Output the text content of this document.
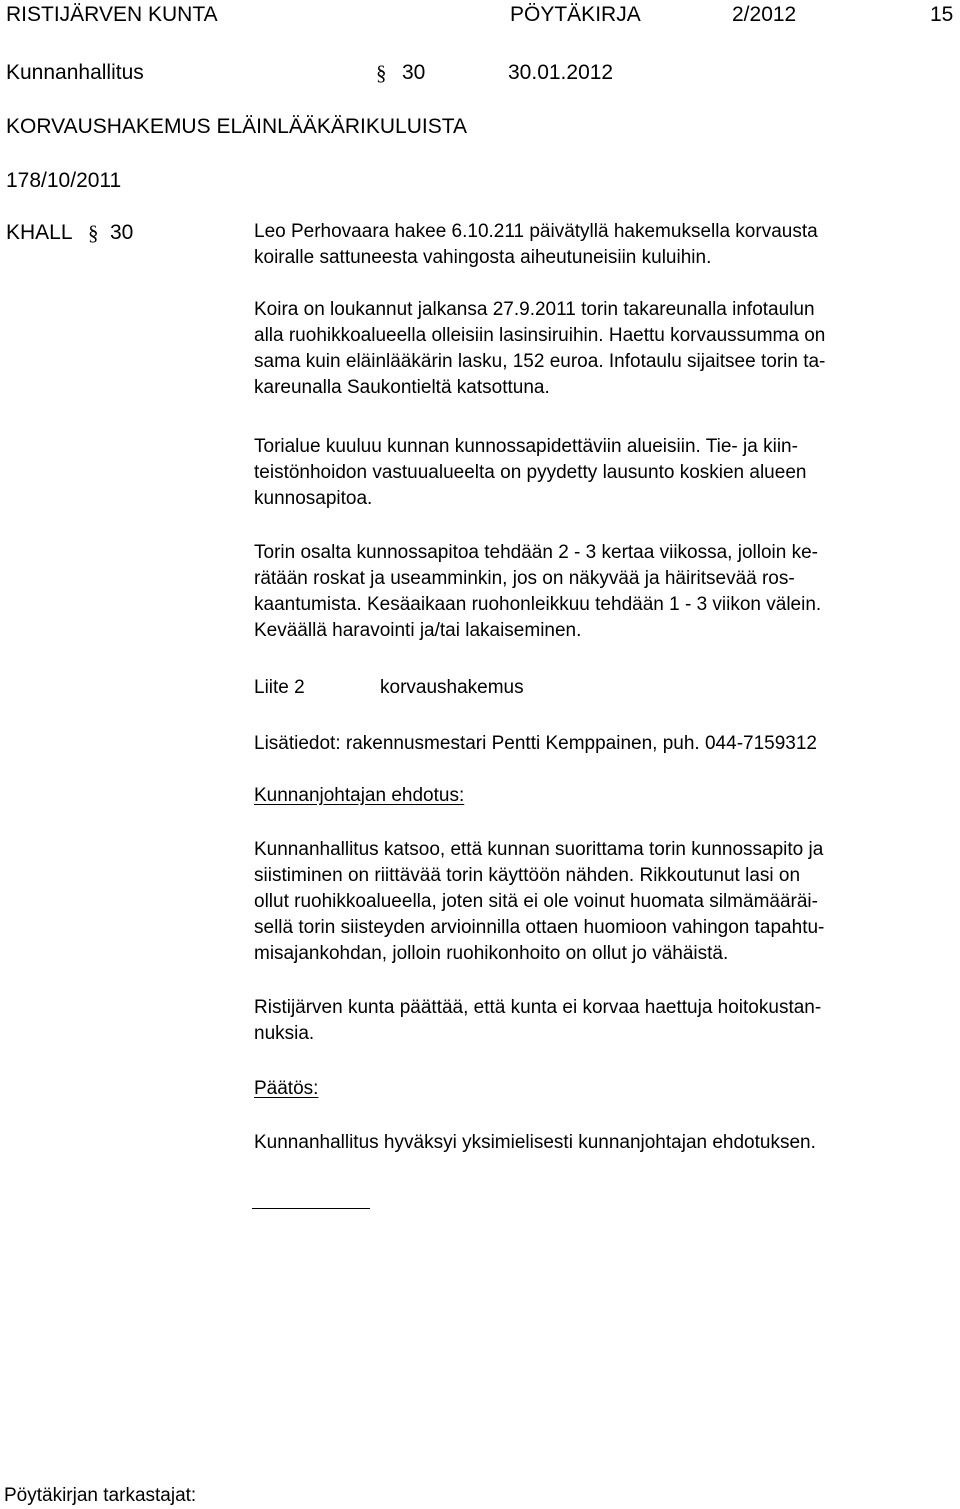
RISTIJÄRVEN KUNTA	PÖYTÄKIRJA	2/2012	15
Kunnanhallitus	§ 30	30.01.2012
KORVAUSHAKEMUS ELÄINLÄÄKÄRIKULUISTA
178/10/2011
KHALL § 30	Leo Perhovaara hakee 6.10.211 päivätyllä hakemuksella korvausta
koiralle sattuneesta vahingosta aiheutuneisiin kuluihin.
Koira on loukannut jalkansa 27.9.2011 torin takareunalla infotaulun
alla ruohikkoalueella olleisiin lasinsiruihin. Haettu korvaussumma on
sama kuin eläinlääkärin lasku, 152 euroa. Infotaulu sijaitsee torin ta-
kareunalla Saukontieltä katsottuna.
Torialue kuuluu kunnan kunnossapidettäviin alueisiin. Tie- ja kiin-
teistönhoidon vastuualueelta on pyydetty lausunto koskien alueen
kunnosapitoa.
Torin osalta kunnossapitoa tehdään 2 - 3 kertaa viikossa, jolloin ke-
rätään roskat ja useamminkin, jos on näkyvää ja häiritsevää ros-
kaantumista. Kesäaikaan ruohonleikkuu tehdään 1 - 3 viikon välein.
Keväällä haravointi ja/tai lakaiseminen.
Liite 2	korvaushakemus
Lisätiedot: rakennusmestari Pentti Kemppainen, puh. 044-7159312
Kunnanjohtajan ehdotus:
Kunnanhallitus katsoo, että kunnan suorittama torin kunnossapito ja
siistiminen on riittävää torin käyttöön nähden. Rikkoutunut lasi on
ollut ruohikkoalueella, joten sitä ei ole voinut huomata silmämääräi-
sellä torin siisteyden arvioinnilla ottaen huomioon vahingon tapahtu-
misajankohdan, jolloin ruohikonhoito on ollut jo vähäistä.
Ristijärven kunta päättää, että kunta ei korvaa haettuja hoitokustan-
nuksia.
Päätös:
Kunnanhallitus hyväksyi yksimielisesti kunnanjohtajan ehdotuksen.
Pöytäkirjan tarkastajat:
